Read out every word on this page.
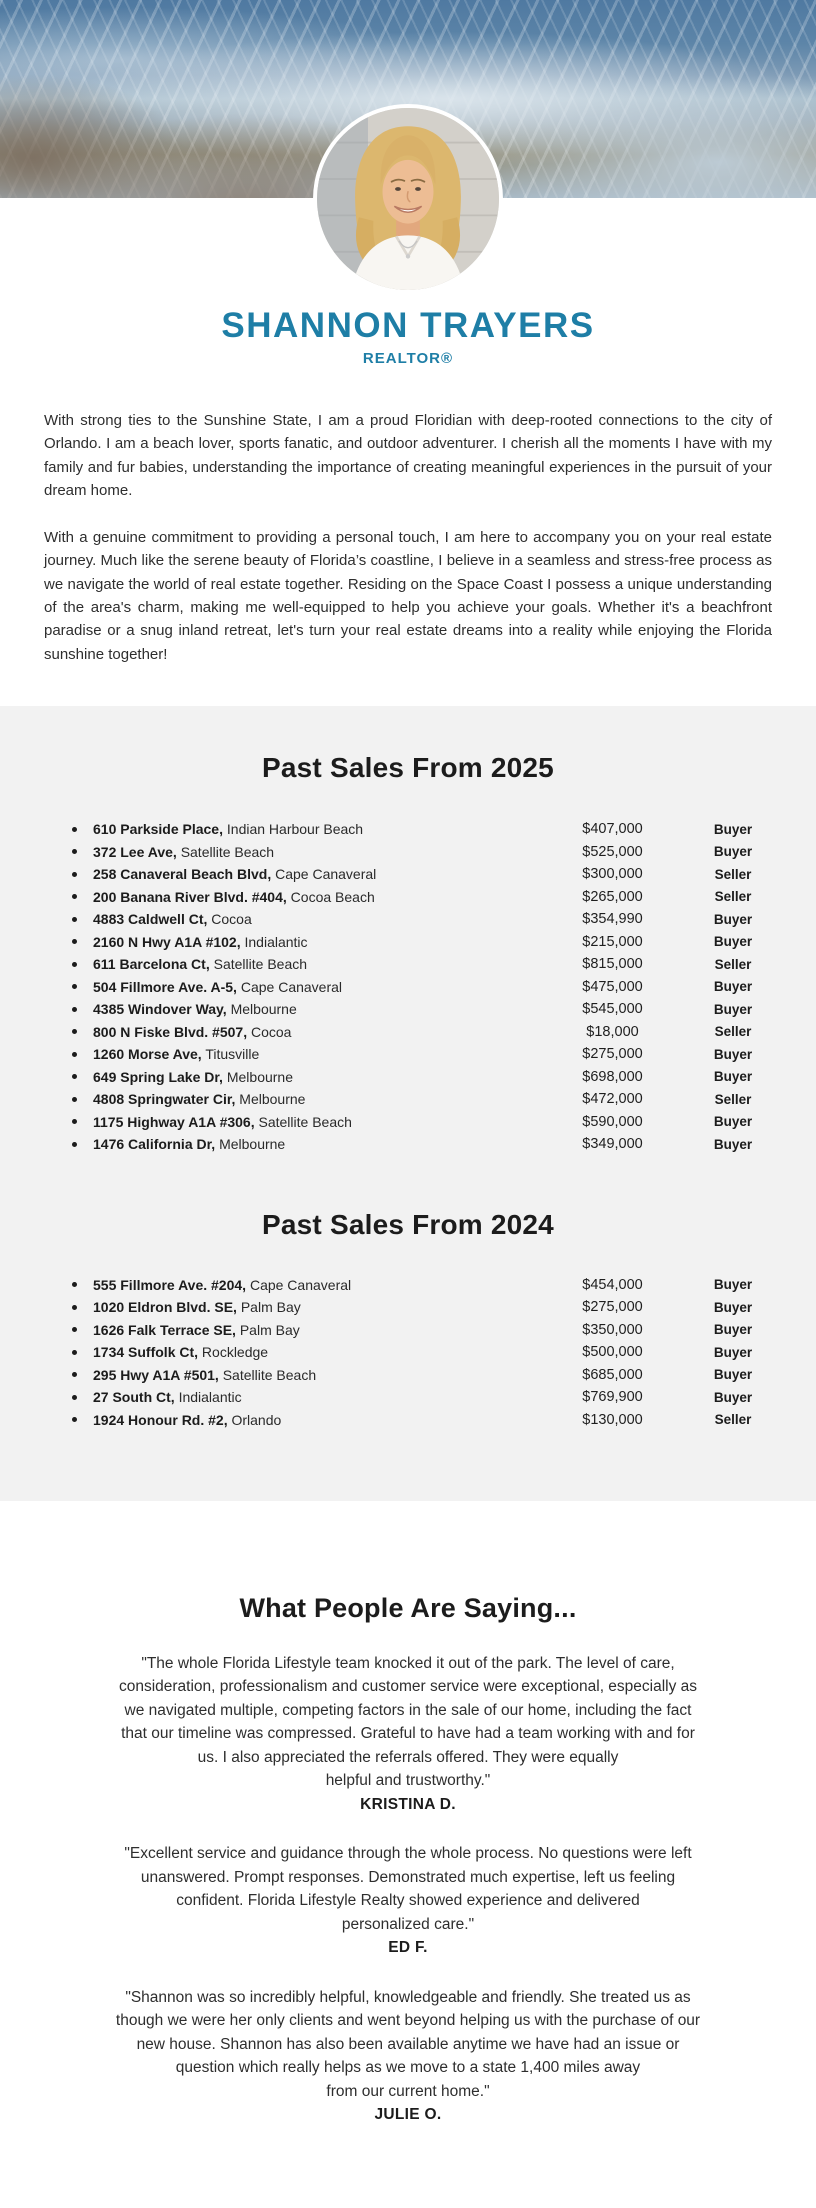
SHANNON TRAYERS
REALTOR®

With strong ties to the Sunshine State, I am a proud Floridian with deep-rooted connections to the city of Orlando. I am a beach lover, sports fanatic, and outdoor adventurer. I cherish all the moments I have with my family and fur babies, understanding the importance of creating meaningful experiences in the pursuit of your dream home.

With a genuine commitment to providing a personal touch, I am here to accompany you on your real estate journey. Much like the serene beauty of Florida’s coastline, I believe in a seamless and stress-free process as we navigate the world of real estate together. Residing on the Space Coast I possess a unique understanding of the area's charm, making me well-equipped to help you achieve your goals. Whether it's a beachfront paradise or a snug inland retreat, let's turn your real estate dreams into a reality while enjoying the Florida sunshine together!

Past Sales From 2025
610 Parkside Place, Indian Harbour Beach	$407,000	Buyer
372 Lee Ave, Satellite Beach	$525,000	Buyer
258 Canaveral Beach Blvd, Cape Canaveral	$300,000	Seller
200 Banana River Blvd. #404, Cocoa Beach	$265,000	Seller
4883 Caldwell Ct, Cocoa	$354,990	Buyer
2160 N Hwy A1A #102, Indialantic	$215,000	Buyer
611 Barcelona Ct, Satellite Beach	$815,000	Seller
504 Fillmore Ave. A-5, Cape Canaveral	$475,000	Buyer
4385 Windover Way, Melbourne	$545,000	Buyer
800 N Fiske Blvd. #507, Cocoa	$18,000	Seller
1260 Morse Ave, Titusville	$275,000	Buyer
649 Spring Lake Dr, Melbourne	$698,000	Buyer
4808 Springwater Cir, Melbourne	$472,000	Seller
1175 Highway A1A #306, Satellite Beach	$590,000	Buyer
1476 California Dr, Melbourne	$349,000	Buyer
Past Sales From 2024
555 Fillmore Ave. #204, Cape Canaveral	$454,000	Buyer
1020 Eldron Blvd. SE, Palm Bay	$275,000	Buyer
1626 Falk Terrace SE, Palm Bay	$350,000	Buyer
1734 Suffolk Ct, Rockledge	$500,000	Buyer
295 Hwy A1A #501, Satellite Beach	$685,000	Buyer
27 South Ct, Indialantic	$769,900	Buyer
1924 Honour Rd. #2, Orlando	$130,000	Seller
What People Are Saying...
"The whole Florida Lifestyle team knocked it out of the park. The level of care,
consideration, professionalism and customer service were exceptional, especially as
we navigated multiple, competing factors in the sale of our home, including the fact
that our timeline was compressed. Grateful to have had a team working with and for
us. I also appreciated the referrals offered. They were equally
helpful and trustworthy."
KRISTINA D.
"Excellent service and guidance through the whole process. No questions were left
unanswered. Prompt responses. Demonstrated much expertise, left us feeling
confident. Florida Lifestyle Realty showed experience and delivered
personalized care."
ED F.
"Shannon was so incredibly helpful, knowledgeable and friendly. She treated us as
though we were her only clients and went beyond helping us with the purchase of our
new house. Shannon has also been available anytime we have had an issue or
question which really helps as we move to a state 1,400 miles away
from our current home."
JULIE O.
